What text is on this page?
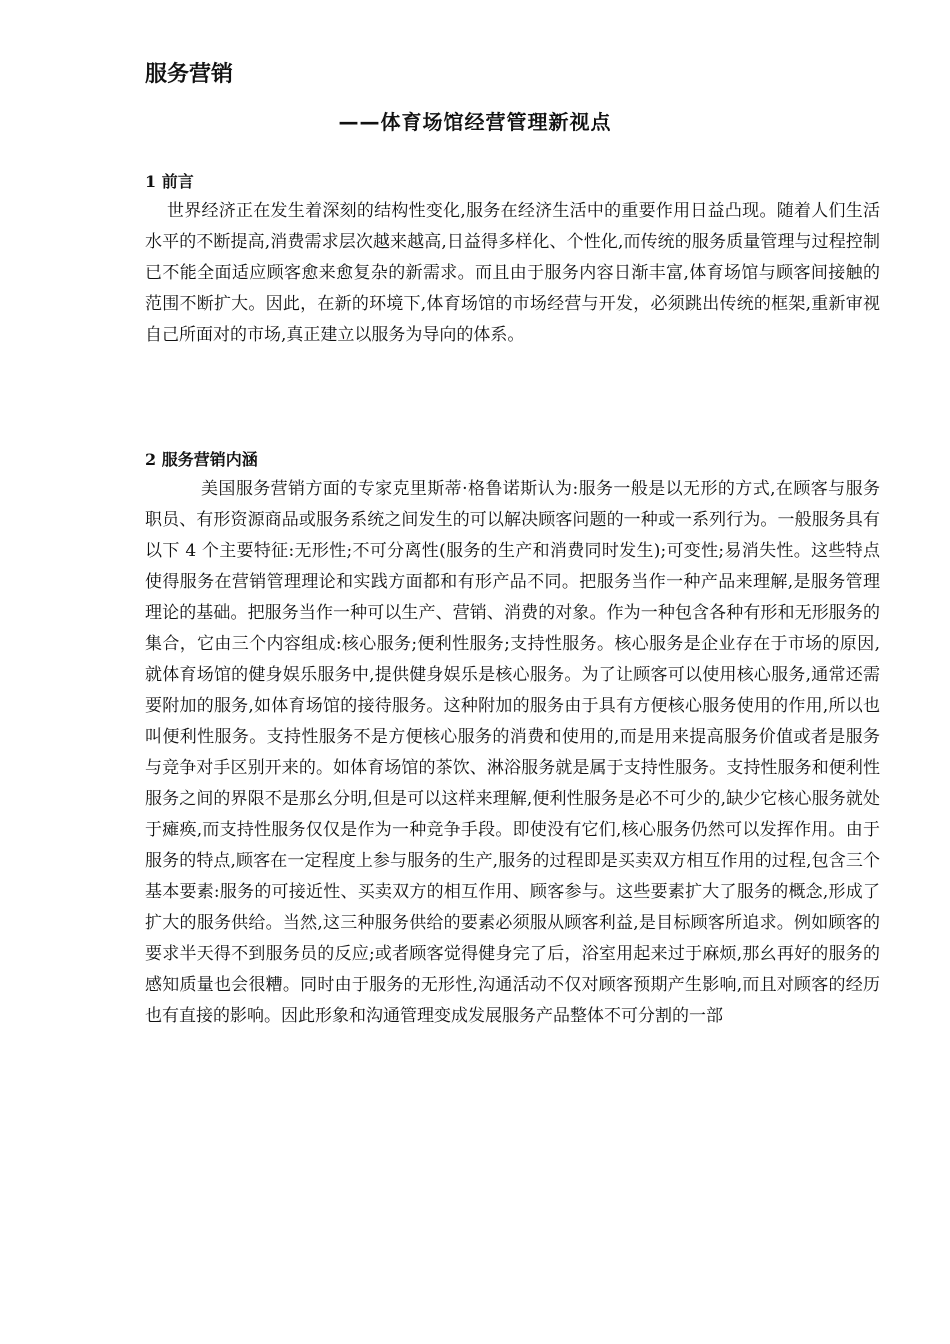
服务营销
——体育场馆经营管理新视点
1 前言

世界经济正在发生着深刻的结构性变化,服务在经济生活中的重要作用日益凸现。随着人们生活水平的不断提高,消费需求层次越来越高,日益得多样化、个性化,而传统的服务质量管理与过程控制已不能全面适应顾客愈来愈复杂的新需求。而且由于服务内容日渐丰富,体育场馆与顾客间接触的范围不断扩大。因此，在新的环境下,体育场馆的市场经营与开发，必须跳出传统的框架,重新审视自己所面对的市场,真正建立以服务为导向的体系。

2 服务营销内涵

美国服务营销方面的专家克里斯蒂·格鲁诺斯认为:服务一般是以无形的方式,在顾客与服务职员、有形资源商品或服务系统之间发生的可以解决顾客问题的一种或一系列行为。一般服务具有以下 4 个主要特征:无形性;不可分离性(服务的生产和消费同时发生);可变性;易消失性。这些特点使得服务在营销管理理论和实践方面都和有形产品不同。把服务当作一种产品来理解,是服务管理理论的基础。把服务当作一种可以生产、营销、消费的对象。作为一种包含各种有形和无形服务的集合，它由三个内容组成:核心服务;便利性服务;支持性服务。核心服务是企业存在于市场的原因,就体育场馆的健身娱乐服务中,提供健身娱乐是核心服务。为了让顾客可以使用核心服务,通常还需要附加的服务,如体育场馆的接待服务。这种附加的服务由于具有方便核心服务使用的作用,所以也叫便利性服务。支持性服务不是方便核心服务的消费和使用的,而是用来提高服务价值或者是服务与竞争对手区别开来的。如体育场馆的茶饮、淋浴服务就是属于支持性服务。支持性服务和便利性服务之间的界限不是那幺分明,但是可以这样来理解,便利性服务是必不可少的,缺少它核心服务就处于瘫痪,而支持性服务仅仅是作为一种竞争手段。即使没有它们,核心服务仍然可以发挥作用。由于服务的特点,顾客在一定程度上参与服务的生产,服务的过程即是买卖双方相互作用的过程,包含三个基本要素:服务的可接近性、买卖双方的相互作用、顾客参与。这些要素扩大了服务的概念,形成了扩大的服务供给。当然,这三种服务供给的要素必须服从顾客利益,是目标顾客所追求。例如顾客的要求半天得不到服务员的反应;或者顾客觉得健身完了后，浴室用起来过于麻烦,那幺再好的服务的感知质量也会很糟。同时由于服务的无形性,沟通活动不仅对顾客预期产生影响,而且对顾客的经历也有直接的影响。因此形象和沟通管理变成发展服务产品整体不可分割的一部
